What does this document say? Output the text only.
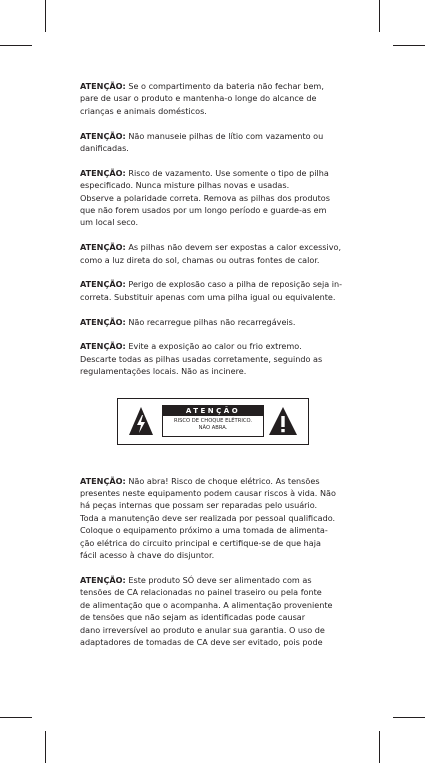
ATENÇÃO: Se o compartimento da bateria não fechar bem,
pare de usar o produto e mantenha-o longe do alcance de
crianças e animais domésticos.

ATENÇÃO: Não manuseie pilhas de lítio com vazamento ou
danificadas.

ATENÇÃO: Risco de vazamento. Use somente o tipo de pilha
especificado. Nunca misture pilhas novas e usadas.
Observe a polaridade correta. Remova as pilhas dos produtos
que não forem usados por um longo período e guarde-as em
um local seco.

ATENÇÃO: As pilhas não devem ser expostas a calor excessivo,
como a luz direta do sol, chamas ou outras fontes de calor.

ATENÇÃO: Perigo de explosão caso a pilha de reposição seja in-
correta. Substituir apenas com uma pilha igual ou equivalente.

ATENÇÃO: Não recarregue pilhas não recarregáveis.

ATENÇÃO: Evite a exposição ao calor ou frio extremo.
Descarte todas as pilhas usadas corretamente, seguindo as
regulamentações locais. Não as incinere.

ATENÇÃO
RISCO DE CHOQUE ELÉTRICO.
NÃO ABRA.

ATENÇÃO: Não abra! Risco de choque elétrico. As tensões
presentes neste equipamento podem causar riscos à vida. Não
há peças internas que possam ser reparadas pelo usuário.
Toda a manutenção deve ser realizada por pessoal qualificado.
Coloque o equipamento próximo a uma tomada de alimenta-
ção elétrica do circuito principal e certifique-se de que haja
fácil acesso à chave do disjuntor.

ATENÇÃO: Este produto SÓ deve ser alimentado com as
tensões de CA relacionadas no painel traseiro ou pela fonte
de alimentação que o acompanha. A alimentação proveniente
de tensões que não sejam as identificadas pode causar
dano irreversível ao produto e anular sua garantia. O uso de
adaptadores de tomadas de CA deve ser evitado, pois pode
